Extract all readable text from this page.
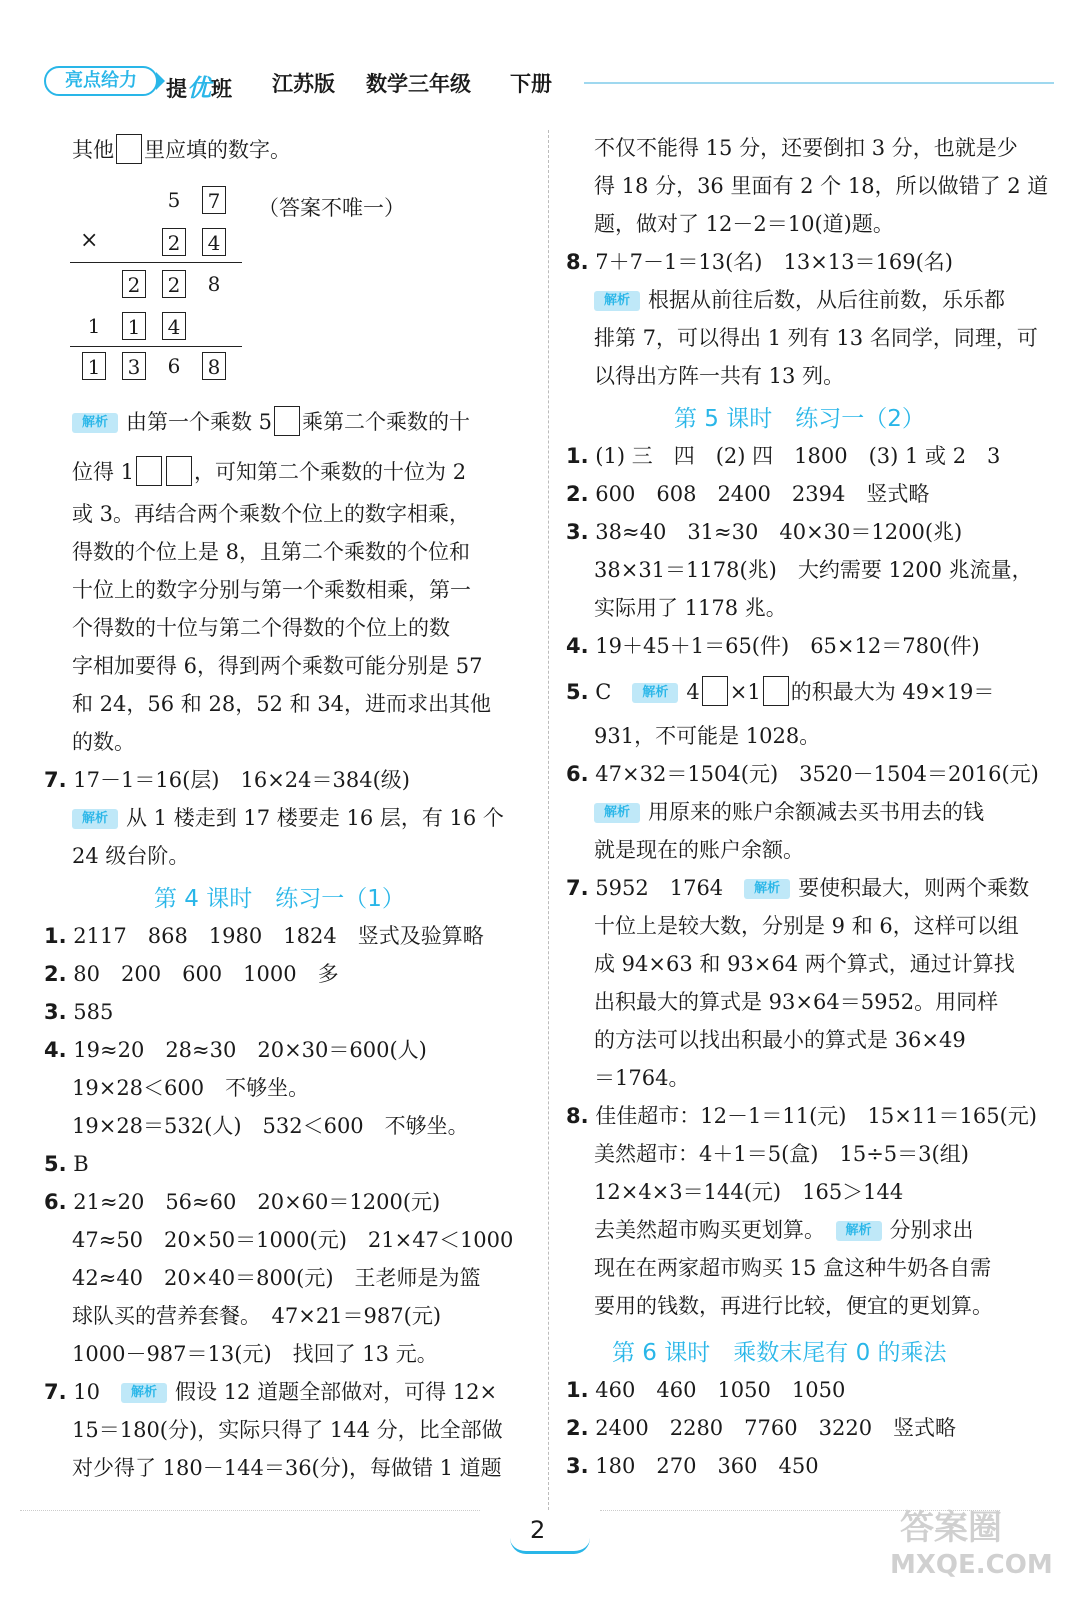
亮点给力	提优班 江苏版 数学三年级 下册
其他 里应填的数字。
5 7
×	2 4
2 2 8
1 1 4
1 3 6 8
（答案不唯一）
解析 由第一个乘数 5 乘第二个乘数的十
位得 1	，可知第二个乘数的十位为 2
或 3。再结合两个乘数个位上的数字相乘，
得数的个位上是 8，且第二个乘数的个位和
十位上的数字分别与第一个乘数相乘，第一
个得数的十位与第二个得数的个位上的数
字相加要得 6，得到两个乘数可能分别是 57
和 24，56 和 28，52 和 34，进而求出其他
的数。
7. 17－1＝16(层)　16×24＝384(级)
解析 从 1 楼走到 17 楼要走 16 层，有 16 个
24 级台阶。
第 4 课时　练习一（1）
1. 2117　868　1980　1824　竖式及验算略
2. 80　200　600　1000　多
3. 585
4. 19≈20　28≈30　20×30＝600(人)
19×28＜600　不够坐。
19×28＝532(人)　532＜600　不够坐。
5. B
6. 21≈20　56≈60　20×60＝1200(元)
47≈50　20×50＝1000(元)　21×47＜1000
42≈40　20×40＝800(元)　王老师是为篮
球队买的营养套餐。　47×21＝987(元)
1000－987＝13(元)　找回了 13 元。
7. 10　 解析 假设 12 道题全部做对，可得 12×
15＝180(分)，实际只得了 144 分，比全部做
对少得了 180－144＝36(分)，每做错 1 道题
不仅不能得 15 分，还要倒扣 3 分，也就是少
得 18 分，36 里面有 2 个 18，所以做错了 2 道
题，做对了 12－2＝10(道)题。
8. 7＋7－1＝13(名)　13×13＝169(名)
解析 根据从前往后数，从后往前数，乐乐都
排第 7，可以得出 1 列有 13 名同学，同理，可
以得出方阵一共有 13 列。
第 5 课时　练习一（2）
1. (1) 三　四　(2) 四　1800　(3) 1 或 2　3
2. 600　608　2400　2394　竖式略
3. 38≈40　31≈30　40×30＝1200(兆)
38×31＝1178(兆)　大约需要 1200 兆流量，
实际用了 1178 兆。
4. 19＋45＋1＝65(件)　65×12＝780(件)
5. C　 解析 4 ×1 的积最大为 49×19＝
931，不可能是 1028。
6. 47×32＝1504(元)　3520－1504＝2016(元)
解析 用原来的账户余额减去买书用去的钱
就是现在的账户余额。
7. 5952　1764　 解析 要使积最大，则两个乘数
十位上是较大数，分别是 9 和 6，这样可以组
成 94×63 和 93×64 两个算式，通过计算找
出积最大的算式是 93×64＝5952。用同样
的方法可以找出积最小的算式是 36×49
＝1764。
8. 佳佳超市：12－1＝11(元)　15×11＝165(元)
美然超市：4＋1＝5(盒)　15÷5＝3(组)
12×4×3＝144(元)　165＞144
去美然超市购买更划算。　 解析 分别求出
现在在两家超市购买 15 盒这种牛奶各自需
要用的钱数，再进行比较，便宜的更划算。
第 6 课时　乘数末尾有 0 的乘法
1. 460　460　1050　1050
2. 2400　2280　7760　3220　竖式略
3. 180　270　360　450
2	答案圈
MXQE.COM
